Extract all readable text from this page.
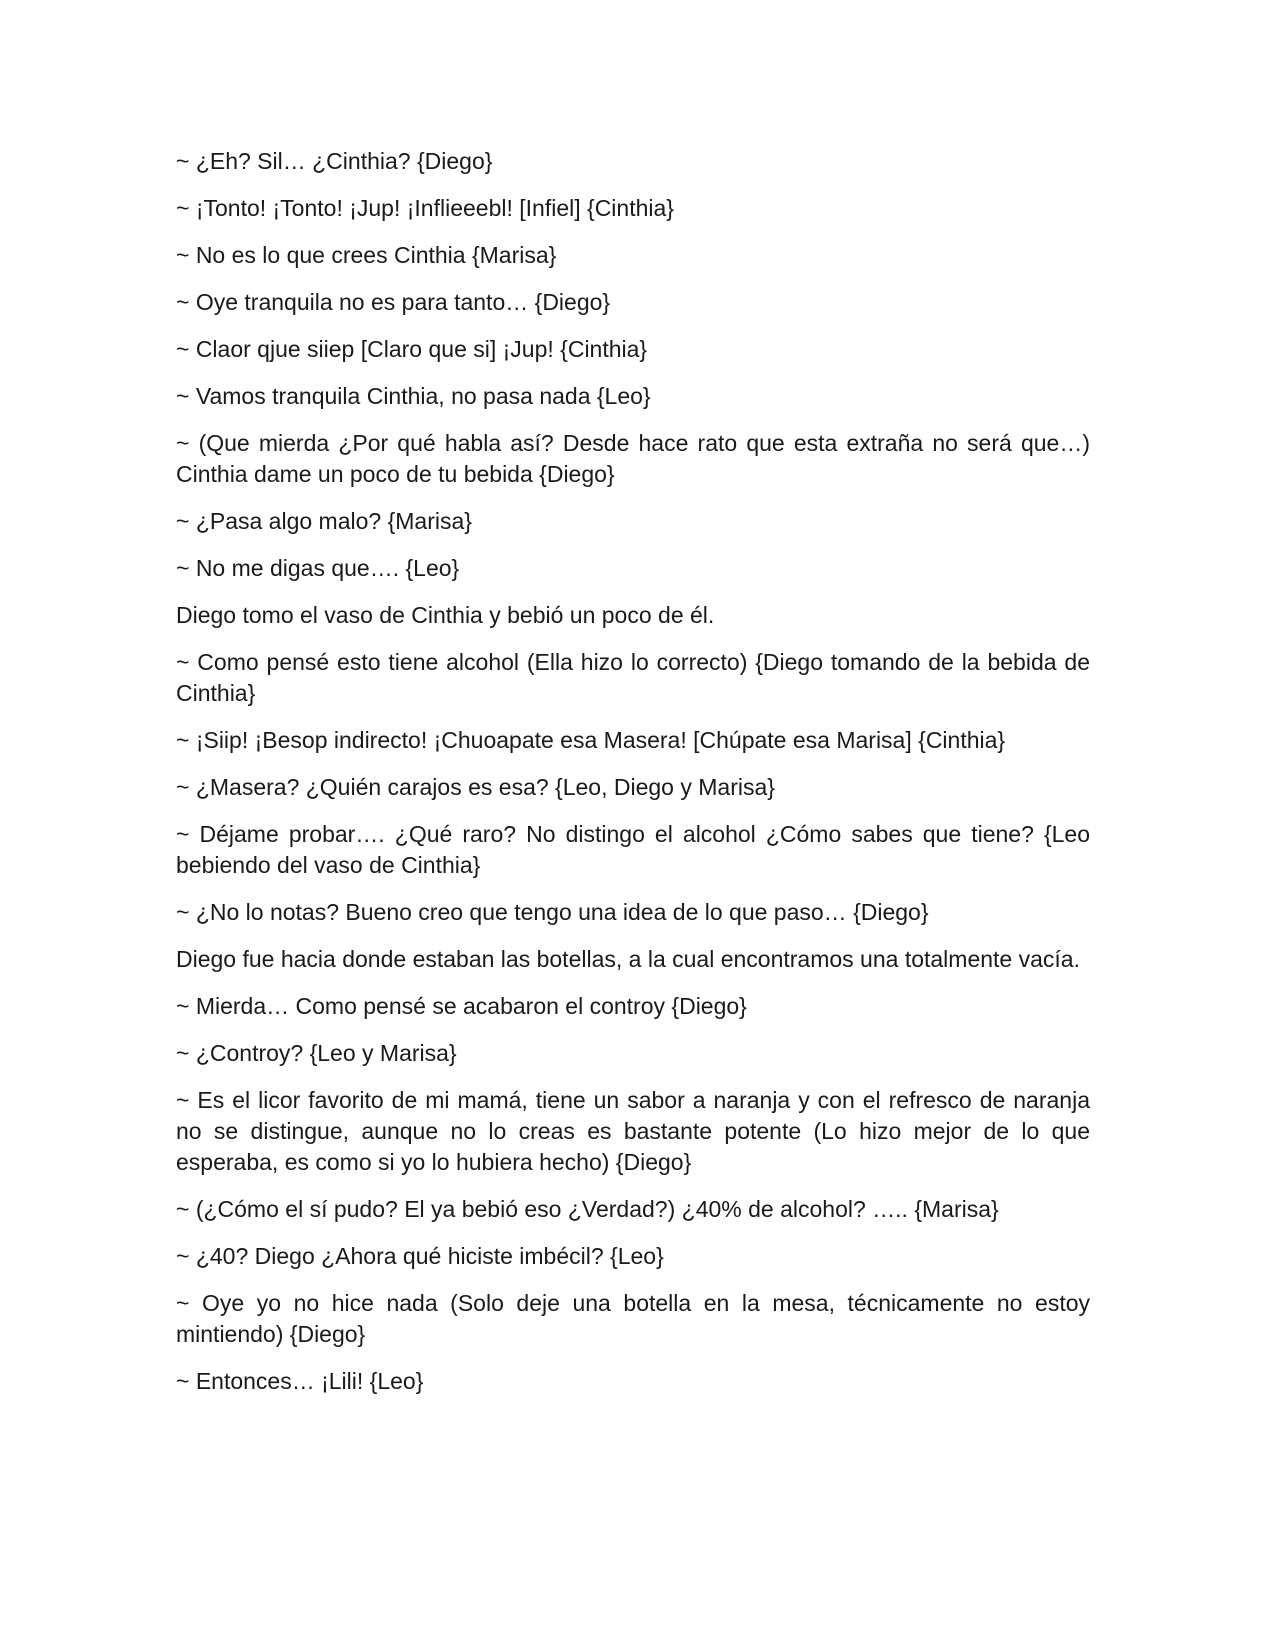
~ ¿Eh? Sil… ¿Cinthia? {Diego}

~ ¡Tonto! ¡Tonto! ¡Jup! ¡Inflieeebl! [Infiel] {Cinthia}

~ No es lo que crees Cinthia {Marisa}

~ Oye tranquila no es para tanto… {Diego}

~ Claor qjue siiep [Claro que si] ¡Jup! {Cinthia}

~ Vamos tranquila Cinthia, no pasa nada {Leo}

~ (Que mierda ¿Por qué habla así? Desde hace rato que esta extraña no será que…) Cinthia dame un poco de tu bebida {Diego}

~ ¿Pasa algo malo? {Marisa}

~ No me digas que…. {Leo}

Diego tomo el vaso de Cinthia y bebió un poco de él.

~ Como pensé esto tiene alcohol (Ella hizo lo correcto) {Diego tomando de la bebida de Cinthia}

~ ¡Siip! ¡Besop indirecto! ¡Chuoapate esa Masera! [Chúpate esa Marisa] {Cinthia}

~ ¿Masera? ¿Quién carajos es esa? {Leo, Diego y Marisa}

~ Déjame probar…. ¿Qué raro? No distingo el alcohol ¿Cómo sabes que tiene? {Leo bebiendo del vaso de Cinthia}

~ ¿No lo notas? Bueno creo que tengo una idea de lo que paso… {Diego}

Diego fue hacia donde estaban las botellas, a la cual encontramos una totalmente vacía.

~ Mierda… Como pensé se acabaron el controy {Diego}

~ ¿Controy? {Leo y Marisa}

~ Es el licor favorito de mi mamá, tiene un sabor a naranja y con el refresco de naranja no se distingue, aunque no lo creas es bastante potente (Lo hizo mejor de lo que esperaba, es como si yo lo hubiera hecho) {Diego}

~ (¿Cómo el sí pudo? El ya bebió eso ¿Verdad?) ¿40% de alcohol? ….. {Marisa}

~ ¿40? Diego ¿Ahora qué hiciste imbécil? {Leo}

~ Oye yo no hice nada (Solo deje una botella en la mesa, técnicamente no estoy mintiendo) {Diego}

~ Entonces… ¡Lili! {Leo}
